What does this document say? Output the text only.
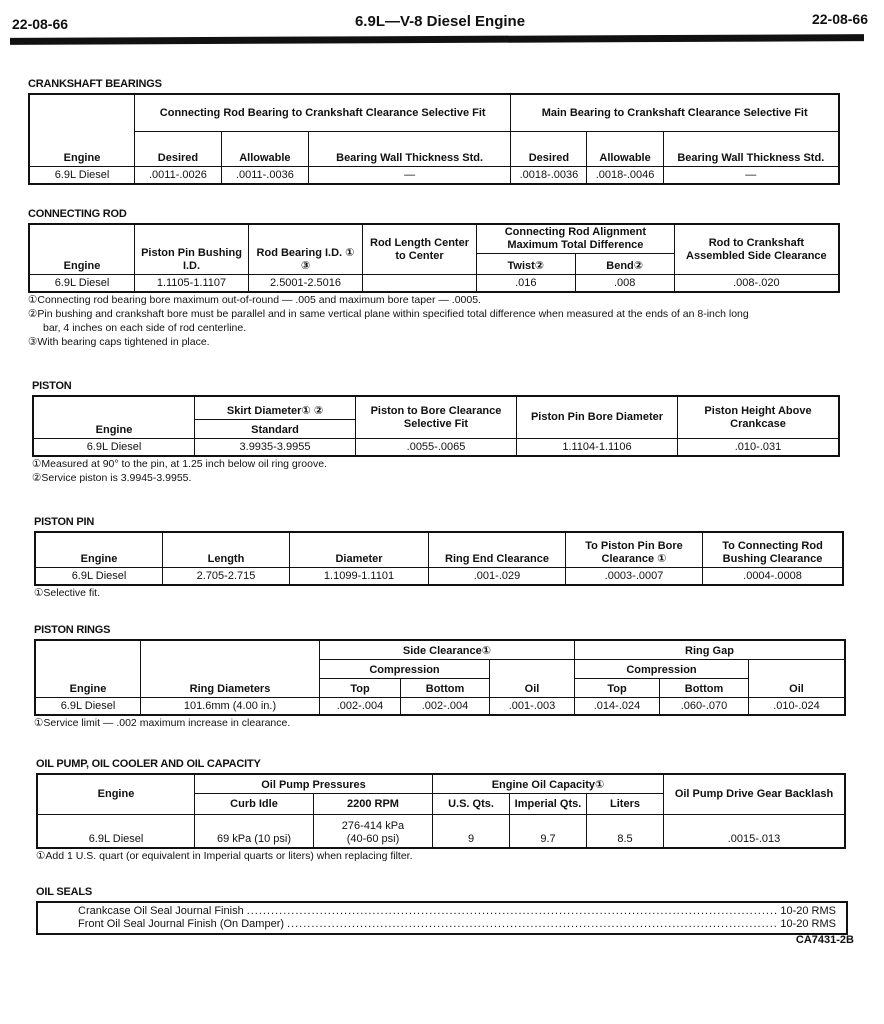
22-08-66	6.9L—V-8 Diesel Engine	22-08-66
CRANKSHAFT BEARINGS
Engine	Connecting Rod Bearing to Crankshaft Clearance Selective Fit			Main Bearing to Crankshaft Clearance Selective Fit		
	Desired	Allowable	Bearing Wall Thickness Std.	Desired	Allowable	Bearing Wall Thickness Std.
6.9L Diesel	.0011-.0026	.0011-.0036	—	.0018-.0036	.0018-.0046	—
CONNECTING ROD
Engine	Piston Pin Bushing I.D.	Rod Bearing I.D. ① ③	Rod Length Center to Center	Connecting Rod Alignment Maximum Total Difference		Rod to Crankshaft Assembled Side Clearance
				Twist②	Bend②	
6.9L Diesel	1.1105-1.1107	2.5001-2.5016		.016	.008	.008-.020
①Connecting rod bearing bore maximum out-of-round — .005 and maximum bore taper — .0005.
②Pin bushing and crankshaft bore must be parallel and in same vertical plane within specified total difference when measured at the ends of an 8-inch long
bar, 4 inches on each side of rod centerline.
③With bearing caps tightened in place.
PISTON
Engine	Skirt Diameter① ②	Piston to Bore Clearance Selective Fit	Piston Pin Bore Diameter	Piston Height Above Crankcase
	Standard			
6.9L Diesel	3.9935-3.9955	.0055-.0065	1.1104-1.1106	.010-.031
①Measured at 90° to the pin, at 1.25 inch below oil ring groove.
②Service piston is 3.9945-3.9955.
PISTON PIN
Engine	Length	Diameter	Ring End Clearance	To Piston Pin Bore Clearance ①	To Connecting Rod Bushing Clearance
6.9L Diesel	2.705-2.715	1.1099-1.1101	.001-.029	.0003-.0007	.0004-.0008
①Selective fit.
PISTON RINGS
Engine	Ring Diameters	Side Clearance①			Ring Gap		
		Compression		Oil	Compression		Oil
		Top	Bottom		Top	Bottom	
6.9L Diesel	101.6mm (4.00 in.)	.002-.004	.002-.004	.001-.003	.014-.024	.060-.070	.010-.024
①Service limit — .002 maximum increase in clearance.
OIL PUMP, OIL COOLER AND OIL CAPACITY
Engine	Oil Pump Pressures		Engine Oil Capacity①			Oil Pump Drive Gear Backlash
	Curb Idle	2200 RPM	U.S. Qts.	Imperial Qts.	Liters	
6.9L Diesel	69 kPa (10 psi)	276-414 kPa
(40-60 psi)	9	9.7	8.5	.0015-.013
①Add 1 U.S. quart (or equivalent in Imperial quarts or liters) when replacing filter.
OIL SEALS
Crankcase Oil Seal Journal Finish .....	10-20 RMS
Front Oil Seal Journal Finish (On Damper) .....	10-20 RMS
CA7431-2B
